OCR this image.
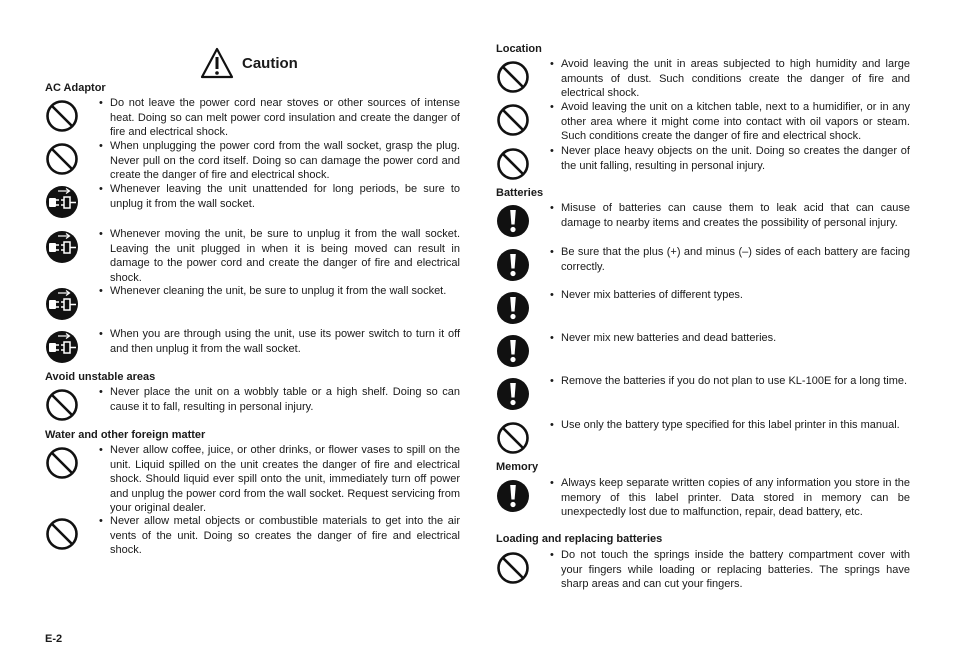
Caution
AC Adaptor
• Do not leave the power cord near stoves or other sources of intense heat. Doing so can melt power cord insulation and create the danger of fire and electrical shock.
• When unplugging the power cord from the wall socket, grasp the plug. Never pull on the cord itself. Doing so can damage the power cord and create the danger of fire and electrical shock.
• Whenever leaving the unit unattended for long periods, be sure to unplug it from the wall socket.
• Whenever moving the unit, be sure to unplug it from the wall socket. Leaving the unit plugged in when it is being moved can result in damage to the power cord and create the danger of fire and electrical shock.
• Whenever cleaning the unit, be sure to unplug it from the wall socket.
• When you are through using the unit, use its power switch to turn it off and then unplug it from the wall socket.
Avoid unstable areas
• Never place the unit on a wobbly table or a high shelf. Doing so can cause it to fall, resulting in personal injury.
Water and other foreign matter
• Never allow coffee, juice, or other drinks, or flower vases to spill on the unit. Liquid spilled on the unit creates the danger of fire and electrical shock. Should liquid ever spill onto the unit, immediately turn off power and unplug the power cord from the wall socket. Request servicing from your original dealer.
• Never allow metal objects or combustible materials to get into the air vents of the unit. Doing so creates the danger of fire and electrical shock.
Location
• Avoid leaving the unit in areas subjected to high humidity and large amounts of dust. Such conditions create the danger of fire and electrical shock.
• Avoid leaving the unit on a kitchen table, next to a humidifier, or in any other area where it might come into contact with oil vapors or steam. Such conditions create the danger of fire and electrical shock.
• Never place heavy objects on the unit. Doing so creates the danger of the unit falling, resulting in personal injury.
Batteries
• Misuse of batteries can cause them to leak acid that can cause damage to nearby items and creates the possibility of personal injury.
• Be sure that the plus (+) and minus (–) sides of each battery are facing correctly.
• Never mix batteries of different types.
• Never mix new batteries and dead batteries.
• Remove the batteries if you do not plan to use KL-100E for a long time.
• Use only the battery type specified for this label printer in this manual.
Memory
• Always keep separate written copies of any information you store in the memory of this label printer. Data stored in memory can be unexpectedly lost due to malfunction, repair, dead battery, etc.
Loading and replacing batteries
• Do not touch the springs inside the battery compartment cover with your fingers while loading or replacing batteries. The springs have sharp areas and can cut your fingers.
E-2
